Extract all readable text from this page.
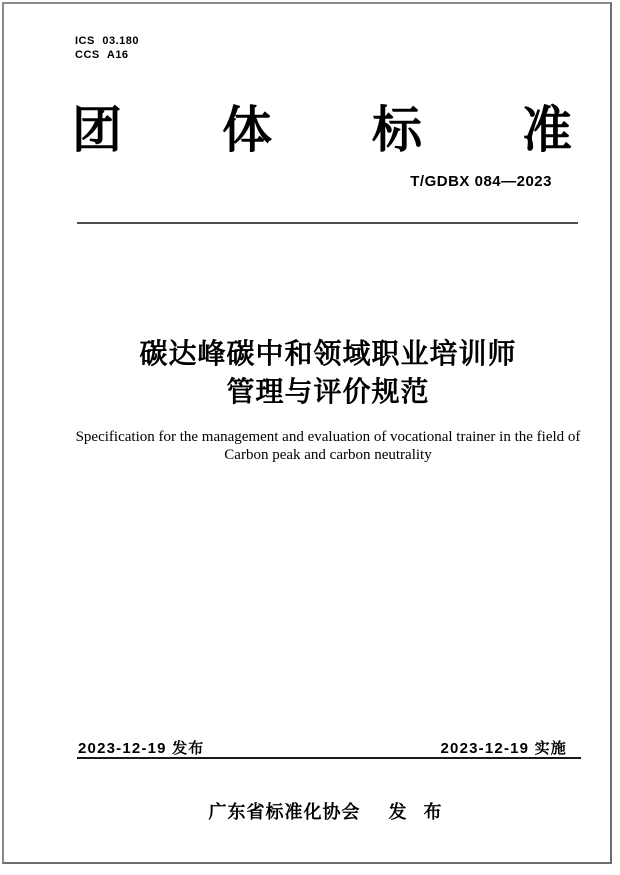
ICS 03.180
CCS A16
团 体 标 准
T/GDBX 084—2023
碳达峰碳中和领域职业培训师
管理与评价规范
Specification for the management and evaluation of vocational trainer in the field of
Carbon peak and carbon neutrality
2023-12-19 发布	2023-12-19 实施
广东省标准化协会 发 布
